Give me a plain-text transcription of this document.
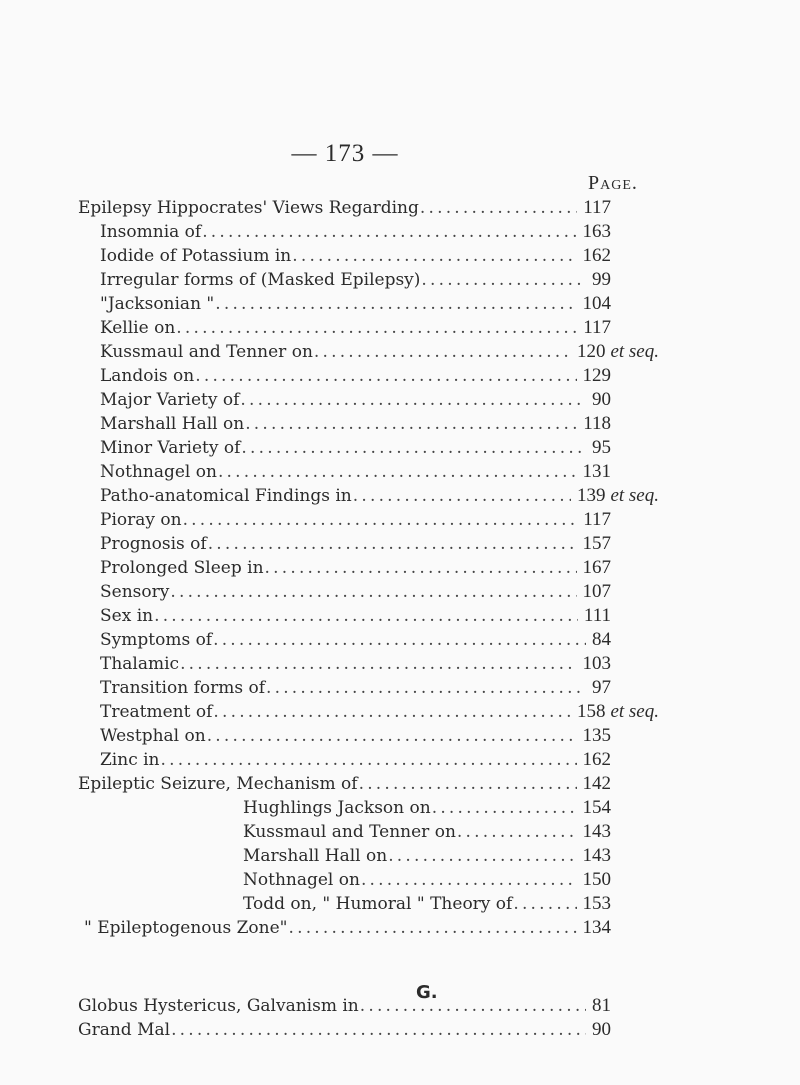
— 173 —
Page.
Epilepsy Hippocrates' Views Regarding .....	117
Insomnia of .....	163
Iodide of Potassium in .....	162
Irregular forms of (Masked Epilepsy) .....	99
"Jacksonian " .....	104
Kellie on .....	117
Kussmaul and Tenner on .....	120 et seq.
Landois on .....	129
Major Variety of .....	90
Marshall Hall on .....	118
Minor Variety of .....	95
Nothnagel on .....	131
Patho-anatomical Findings in .....	139 et seq.
Pioray on .....	117
Prognosis of .....	157
Prolonged Sleep in .....	167
Sensory .....	107
Sex in .....	111
Symptoms of .....	84
Thalamic .....	103
Transition forms of .....	97
Treatment of .....	158 et seq.
Westphal on .....	135
Zinc in .....	162
Epileptic Seizure, Mechanism of .....	142
Hughlings Jackson on .....	154
Kussmaul and Tenner on .....	143
Marshall Hall on .....	143
Nothnagel on .....	150
Todd on, " Humoral " Theory of .....	153
" Epileptogenous Zone" .....	134
Globus Hystericus, Galvanism in .....	81
Grand Mal .....	90
G.
